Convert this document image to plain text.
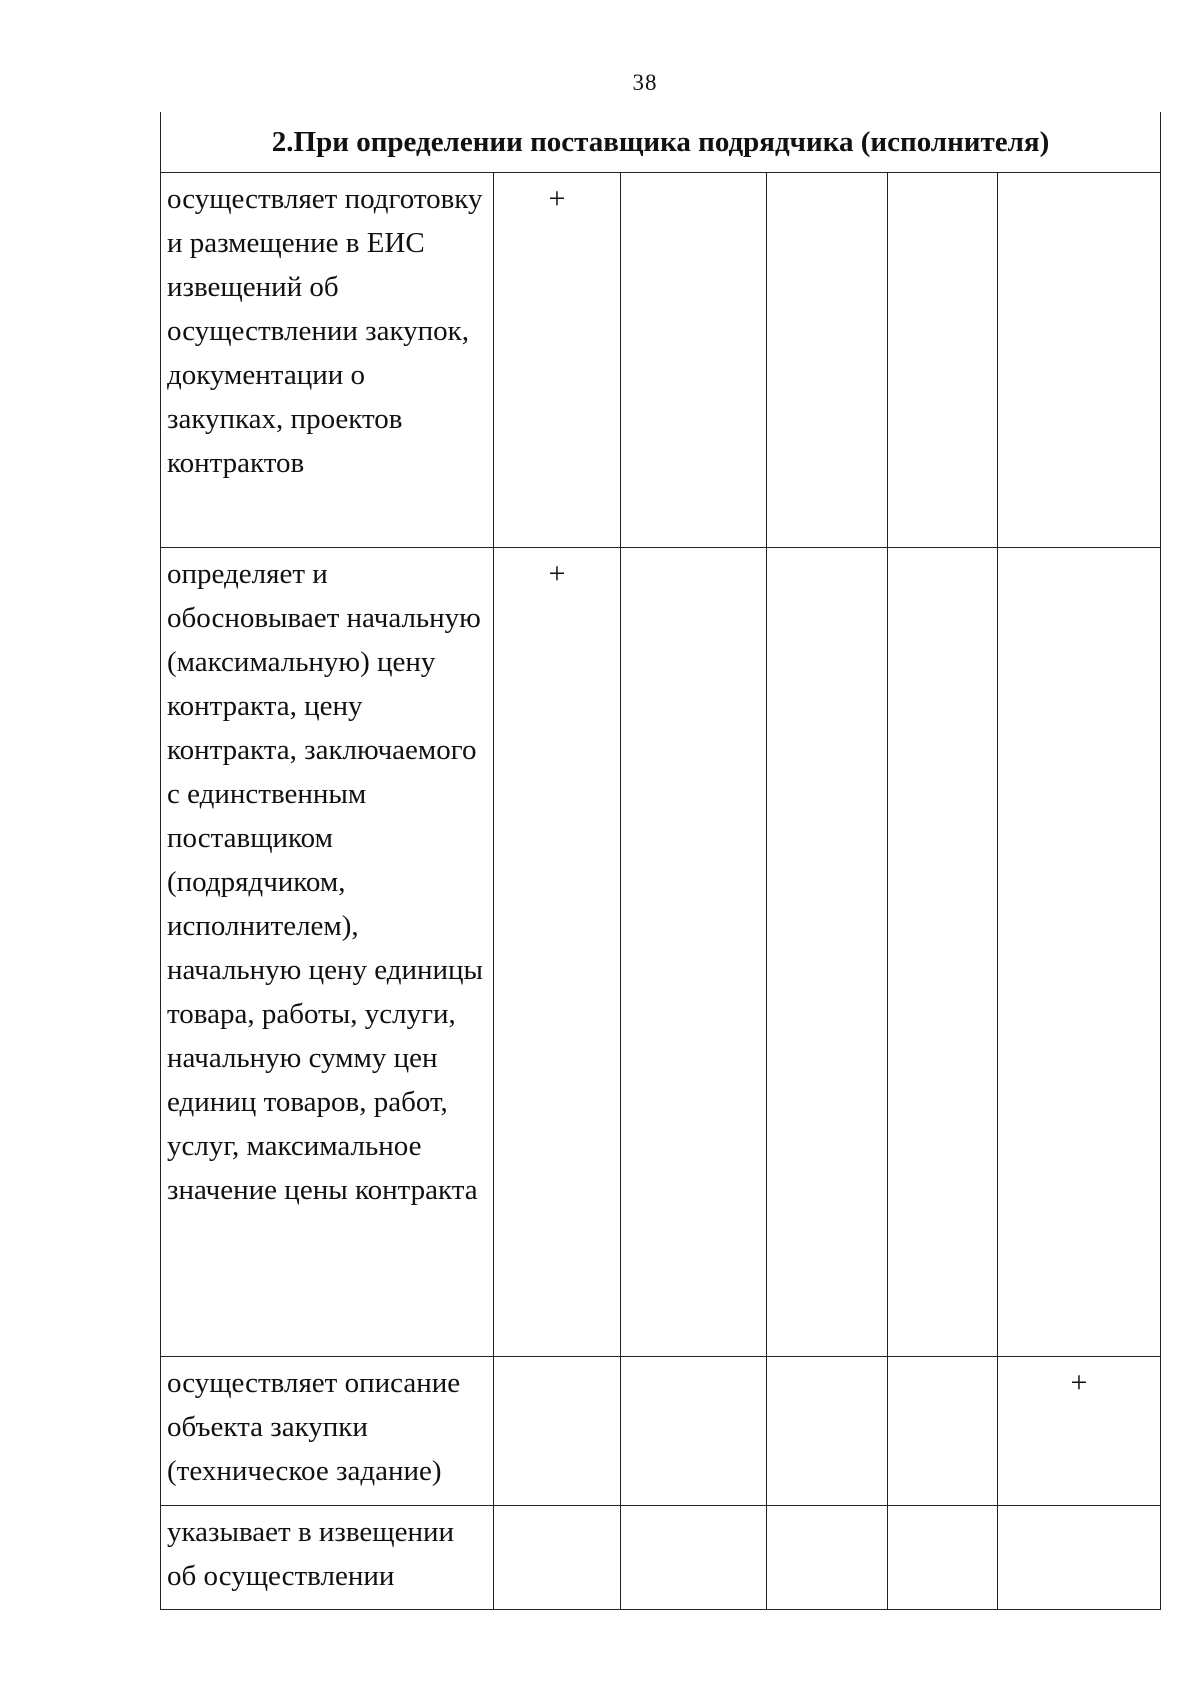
38
2.При определении поставщика подрядчика (исполнителя)					
осуществляет подготовку и размещение в ЕИС извещений об осуществлении закупок, документации о закупках, проектов контрактов	+				
определяет и обосновывает начальную (максимальную) цену контракта, цену контракта, заключаемого с единственным поставщиком (подрядчиком, исполнителем), начальную цену единицы товара, работы, услуги, начальную сумму цен единиц товаров, работ, услуг, максимальное значение цены контракта	+				
осуществляет описание объекта закупки (техническое задание)					+
указывает в извещении об осуществлении					
